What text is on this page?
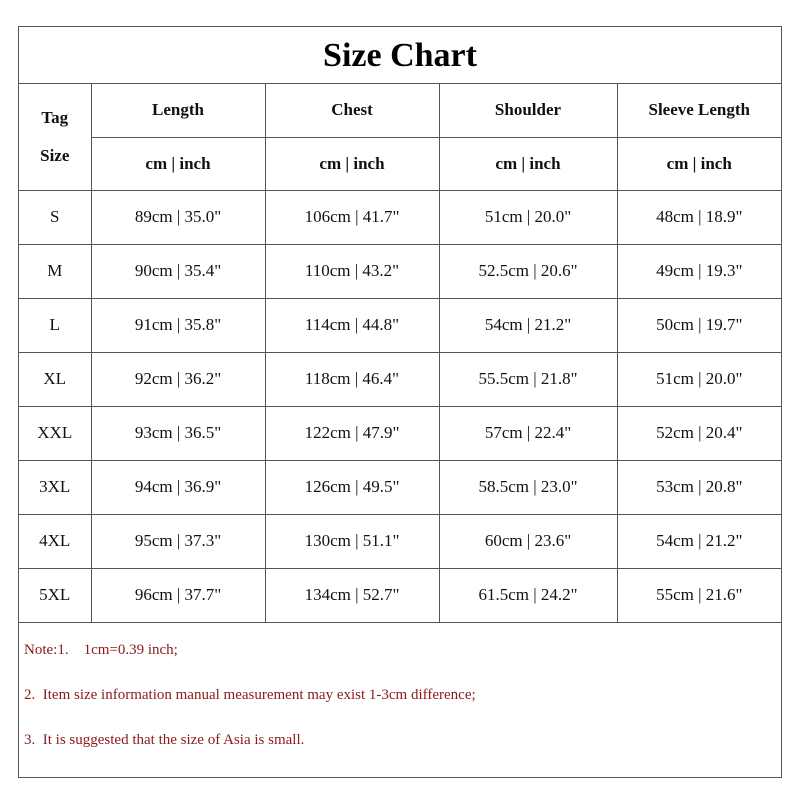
Size Chart
Tag
Size	Length	Chest	Shoulder	Sleeve Length
	cm | inch	cm | inch	cm | inch	cm | inch
S	89cm | 35.0"	106cm | 41.7"	51cm | 20.0"	48cm | 18.9"
M	90cm | 35.4"	110cm | 43.2"	52.5cm | 20.6"	49cm | 19.3"
L	91cm | 35.8"	114cm | 44.8"	54cm | 21.2"	50cm | 19.7"
XL	92cm | 36.2"	118cm | 46.4"	55.5cm | 21.8"	51cm | 20.0"
XXL	93cm | 36.5"	122cm | 47.9"	57cm | 22.4"	52cm | 20.4"
3XL	94cm | 36.9"	126cm | 49.5"	58.5cm | 23.0"	53cm | 20.8"
4XL	95cm | 37.3"	130cm | 51.1"	60cm | 23.6"	54cm | 21.2"
5XL	96cm | 37.7"	134cm | 52.7"	61.5cm | 24.2"	55cm | 21.6"
Note:1.    1cm=0.39 inch;
2.  Item size information manual measurement may exist 1-3cm difference;
3.  It is suggested that the size of Asia is small.
